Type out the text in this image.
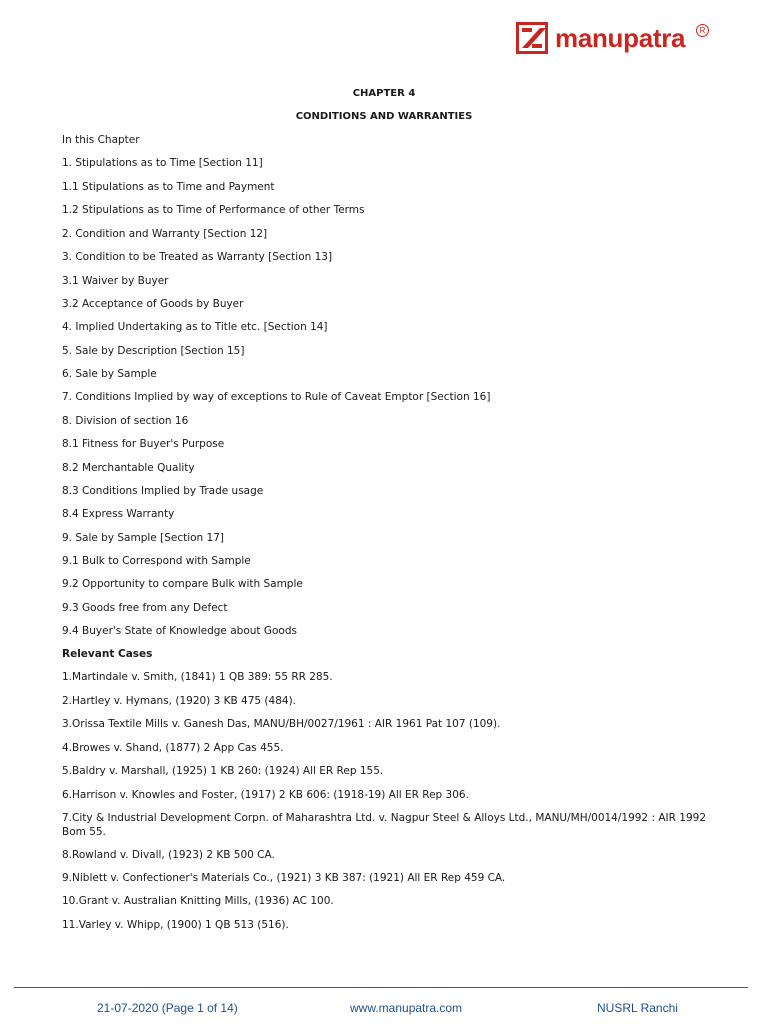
manupatra	R
CHAPTER 4
CONDITIONS AND WARRANTIES
In this Chapter
1. Stipulations as to Time [Section 11]
1.1 Stipulations as to Time and Payment
1.2 Stipulations as to Time of Performance of other Terms
2. Condition and Warranty [Section 12]
3. Condition to be Treated as Warranty [Section 13]
3.1 Waiver by Buyer
3.2 Acceptance of Goods by Buyer
4. Implied Undertaking as to Title etc. [Section 14]
5. Sale by Description [Section 15]
6. Sale by Sample
7. Conditions Implied by way of exceptions to Rule of Caveat Emptor [Section 16]
8. Division of section 16
8.1 Fitness for Buyer's Purpose
8.2 Merchantable Quality
8.3 Conditions Implied by Trade usage
8.4 Express Warranty
9. Sale by Sample [Section 17]
9.1 Bulk to Correspond with Sample
9.2 Opportunity to compare Bulk with Sample
9.3 Goods free from any Defect
9.4 Buyer's State of Knowledge about Goods
Relevant Cases
1.Martindale v. Smith, (1841) 1 QB 389: 55 RR 285.
2.Hartley v. Hymans, (1920) 3 KB 475 (484).
3.Orissa Textile Mills v. Ganesh Das, MANU/BH/0027/1961 : AIR 1961 Pat 107 (109).
4.Browes v. Shand, (1877) 2 App Cas 455.
5.Baldry v. Marshall, (1925) 1 KB 260: (1924) All ER Rep 155.
6.Harrison v. Knowles and Foster, (1917) 2 KB 606: (1918-19) All ER Rep 306.
7.City & Industrial Development Corpn. of Maharashtra Ltd. v. Nagpur Steel & Alloys Ltd., MANU/MH/0014/1992 : AIR 1992 Bom 55.
8.Rowland v. Divall, (1923) 2 KB 500 CA.
9.Niblett v. Confectioner's Materials Co., (1921) 3 KB 387: (1921) All ER Rep 459 CA.
10.Grant v. Australian Knitting Mills, (1936) AC 100.
11.Varley v. Whipp, (1900) 1 QB 513 (516).
21-07-2020 (Page 1 of 14)	www.manupatra.com	NUSRL Ranchi
